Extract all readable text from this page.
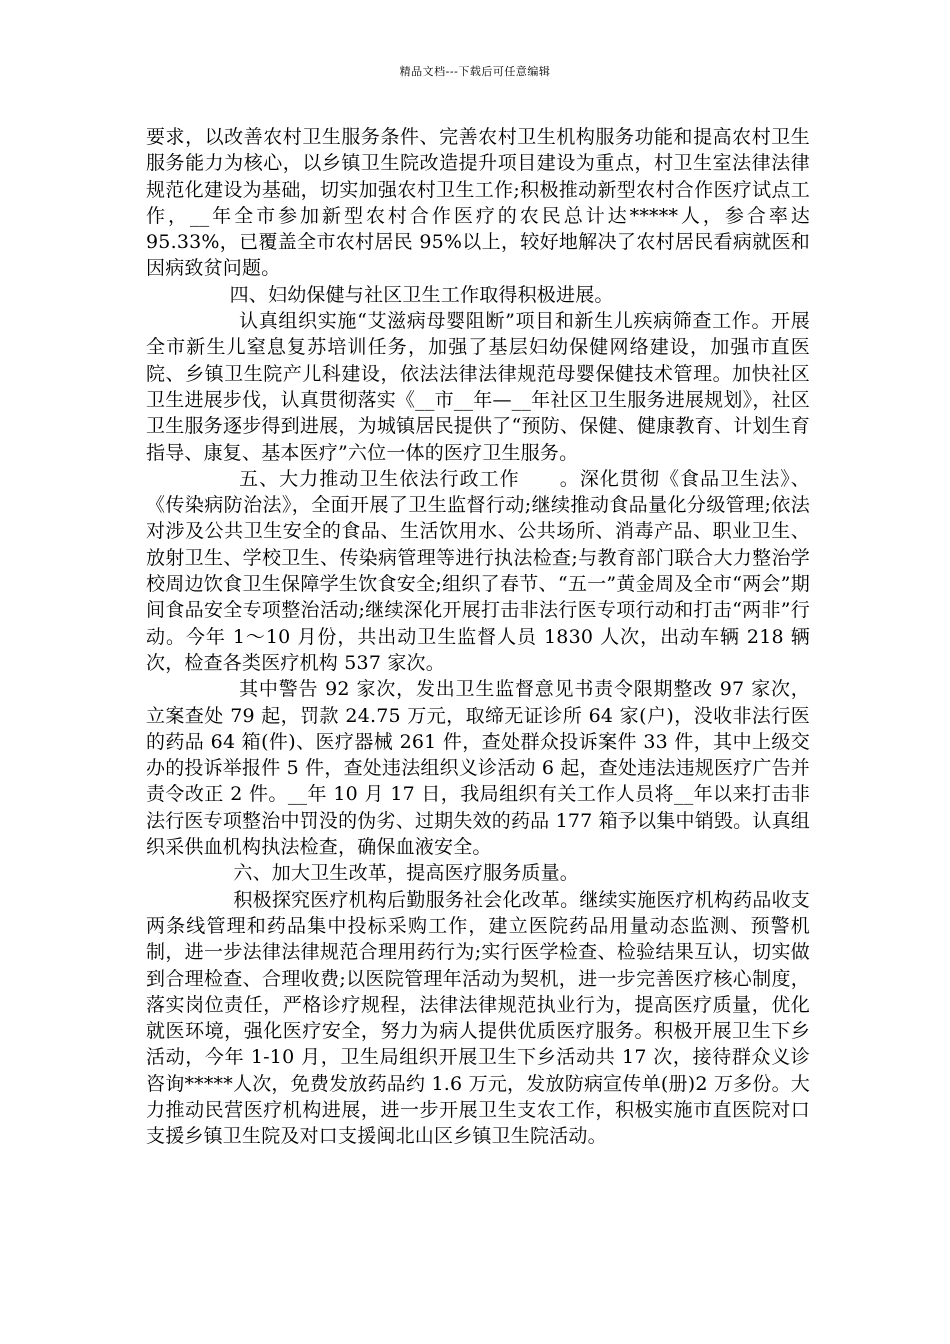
精品文档---下载后可任意编辑

要求，以改善农村卫生服务条件、完善农村卫生机构服务功能和提高农村卫生服务能力为核心，以乡镇卫生院改造提升项目建设为重点，村卫生室法律法律规范化建设为基础，切实加强农村卫生工作;积极推动新型农村合作医疗试点工作，__年全市参加新型农村合作医疗的农民总计达*****人，参合率达 95.33%，已覆盖全市农村居民 95%以上，较好地解决了农村居民看病就医和因病致贫问题。

四、妇幼保健与社区卫生工作取得积极进展。

认真组织实施“艾滋病母婴阻断”项目和新生儿疾病筛查工作。开展全市新生儿窒息复苏培训任务，加强了基层妇幼保健网络建设，加强市直医院、乡镇卫生院产儿科建设，依法法律法律规范母婴保健技术管理。加快社区卫生进展步伐，认真贯彻落实《__市__年—__年社区卫生服务进展规划》，社区卫生服务逐步得到进展，为城镇居民提供了“预防、保健、健康教育、计划生育指导、康复、基本医疗”六位一体的医疗卫生服务。

五、大力推动卫生依法行政工作　　。深化贯彻《食品卫生法》、《传染病防治法》，全面开展了卫生监督行动;继续推动食品量化分级管理;依法对涉及公共卫生安全的食品、生活饮用水、公共场所、消毒产品、职业卫生、放射卫生、学校卫生、传染病管理等进行执法检查;与教育部门联合大力整治学校周边饮食卫生保障学生饮食安全;组织了春节、“五一”黄金周及全市“两会”期间食品安全专项整治活动;继续深化开展打击非法行医专项行动和打击“两非”行动。今年 1～10 月份，共出动卫生监督人员 1830 人次，出动车辆 218 辆次，检查各类医疗机构 537 家次。

其中警告 92 家次，发出卫生监督意见书责令限期整改 97 家次，立案查处 79 起，罚款 24.75 万元，取缔无证诊所 64 家(户)，没收非法行医的药品 64 箱(件)、医疗器械 261 件，查处群众投诉案件 33 件，其中上级交办的投诉举报件 5 件，查处违法组织义诊活动 6 起，查处违法违规医疗广告并责令改正 2 件。__年 10 月 17 日，我局组织有关工作人员将__年以来打击非法行医专项整治中罚没的伪劣、过期失效的药品 177 箱予以集中销毁。认真组织采供血机构执法检查，确保血液安全。

六、加大卫生改革，提高医疗服务质量。

积极探究医疗机构后勤服务社会化改革。继续实施医疗机构药品收支两条线管理和药品集中投标采购工作，建立医院药品用量动态监测、预警机制，进一步法律法律规范合理用药行为;实行医学检查、检验结果互认，切实做到合理检查、合理收费;以医院管理年活动为契机，进一步完善医疗核心制度，落实岗位责任，严格诊疗规程，法律法律规范执业行为，提高医疗质量，优化就医环境，强化医疗安全，努力为病人提供优质医疗服务。积极开展卫生下乡活动，今年 1-10 月，卫生局组织开展卫生下乡活动共 17 次，接待群众义诊咨询*****人次，免费发放药品约 1.6 万元，发放防病宣传单(册)2 万多份。大力推动民营医疗机构进展，进一步开展卫生支农工作，积极实施市直医院对口支援乡镇卫生院及对口支援闽北山区乡镇卫生院活动。
